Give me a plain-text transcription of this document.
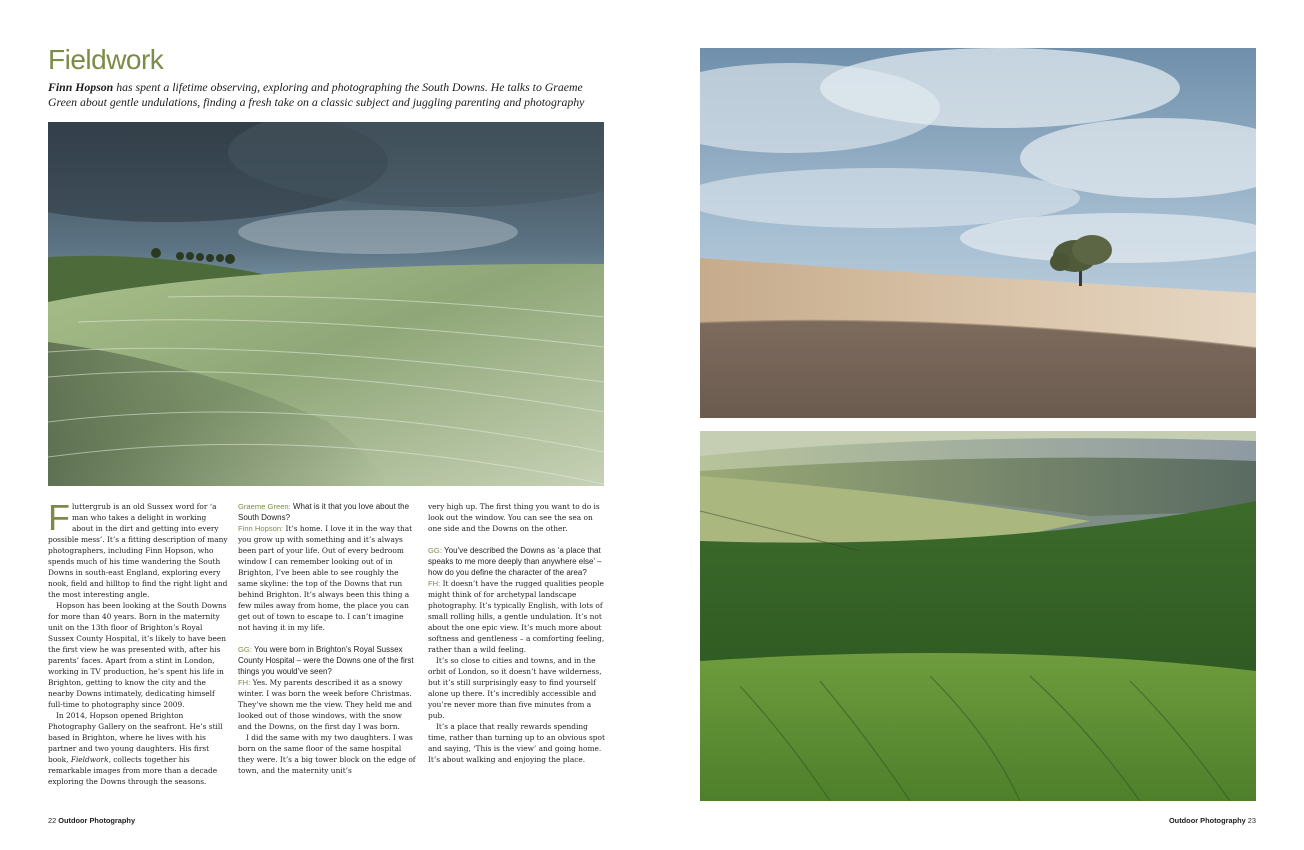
Fieldwork

Finn Hopson has spent a lifetime observing, exploring and photographing the South Downs. He talks to Graeme Green about gentle undulations, finding a fresh take on a classic subject and juggling parenting and photography

Fluttergrub is an old Sussex word for ‘a man who takes a delight in working about in the dirt and getting into every possible mess’. It’s a fitting description of many photographers, including Finn Hopson, who spends much of his time wandering the South Downs in south-east England, exploring every nook, field and hilltop to find the right light and the most interesting angle.

Hopson has been looking at the South Downs for more than 40 years. Born in the maternity unit on the 13th floor of Brighton’s Royal Sussex County Hospital, it’s likely to have been the first view he was presented with, after his parents’ faces. Apart from a stint in London, working in TV production, he’s spent his life in Brighton, getting to know the city and the nearby Downs intimately, dedicating himself full-time to photography since 2009.

In 2014, Hopson opened Brighton Photography Gallery on the seafront. He’s still based in Brighton, where he lives with his partner and two young daughters. His first book, Fieldwork, collects together his remarkable images from more than a decade exploring the Downs through the seasons.

Graeme Green: What is it that you love about the South Downs?

Finn Hopson: It’s home. I love it in the way that you grow up with something and it’s always been part of your life. Out of every bedroom window I can remember looking out of in Brighton, I’ve been able to see roughly the same skyline: the top of the Downs that run behind Brighton. It’s always been this thing a few miles away from home, the place you can get out of town to escape to. I can’t imagine not having it in my life.

GG: You were born in Brighton’s Royal Sussex County Hospital – were the Downs one of the first things you would’ve seen?

FH: Yes. My parents described it as a snowy winter. I was born the week before Christmas. They’ve shown me the view. They held me and looked out of those windows, with the snow and the Downs, on the first day I was born.

I did the same with my two daughters. I was born on the same floor of the same hospital they were. It’s a big tower block on the edge of town, and the maternity unit’s

very high up. The first thing you want to do is look out the window. You can see the sea on one side and the Downs on the other.

GG: You’ve described the Downs as ‘a place that speaks to me more deeply than anywhere else’ – how do you define the character of the area?

FH: It doesn’t have the rugged qualities people might think of for archetypal landscape photography. It’s typically English, with lots of small rolling hills, a gentle undulation. It’s not about the one epic view. It’s much more about softness and gentleness – a comforting feeling, rather than a wild feeling.

It’s so close to cities and towns, and in the orbit of London, so it doesn’t have wilderness, but it’s still surprisingly easy to find yourself alone up there. It’s incredibly accessible and you’re never more than five minutes from a pub.

It’s a place that really rewards spending time, rather than turning up to an obvious spot and saying, ‘This is the view’ and going home. It’s about walking and enjoying the place.

22 Outdoor Photography	Outdoor Photography 23
